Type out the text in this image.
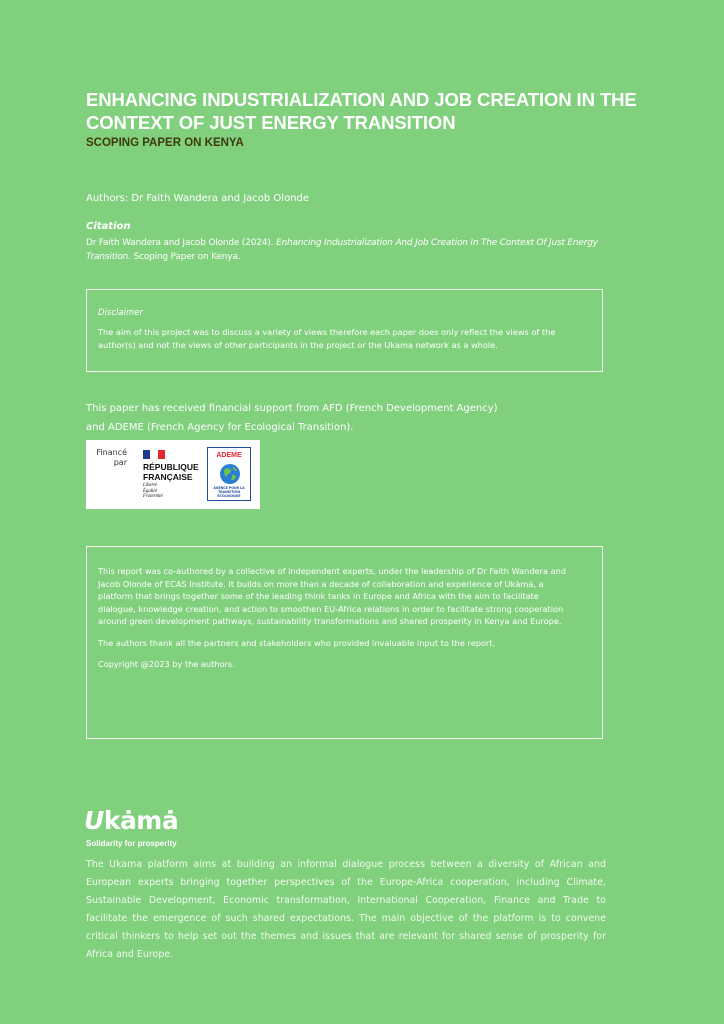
ENHANCING INDUSTRIALIZATION AND JOB CREATION IN THE CONTEXT OF JUST ENERGY TRANSITION
SCOPING PAPER ON KENYA
Authors: Dr Faith Wandera and Jacob Olonde
Citation
Dr Faith Wandera and Jacob Olonde (2024). Enhancing Industrialization And Job Creation In The Context Of Just Energy Transition. Scoping Paper on Kenya.
Disclaimer
The aim of this project was to discuss a variety of views therefore each paper does only reflect the views of the author(s) and not the views of other participants in the project or the Ukama network as a whole.
This paper has received financial support from AFD (French Development Agency) and ADEME (French Agency for Ecological Transition).
Financé par RÉPUBLIQUE
FRANÇAISE
Liberté
Égalité
Fraternité
ADEME
AGENCE POUR LA
TRANSITION
ÉCOLOGIQUE

This report was co-authored by a collective of independent experts, under the leadership of Dr Faith Wandera and Jacob Olonde of ECAS Institute. It builds on more than a decade of collaboration and experience of Ukȧmȧ, a platform that brings together some of the leading think tanks in Europe and Africa with the aim to facilitate dialogue, knowledge creation, and action to smoothen EU-Africa relations in order to facilitate strong cooperation around green development pathways, sustainability transformations and shared prosperity in Kenya and Europe.

The authors thank all the partners and stakeholders who provided invaluable input to the report.

Copyright @2023 by the authors.

Ukȧmȧ
Solidarity for prosperity
The Ukama platform aims at building an informal dialogue process between a diversity of African and European experts bringing together perspectives of the Europe-Africa cooperation, including Climate, Sustainable Development, Economic transformation, International Cooperation, Finance and Trade to facilitate the emergence of such shared expectations. The main objective of the platform is to convene critical thinkers to help set out the themes and issues that are relevant for shared sense of prosperity for Africa and Europe.
